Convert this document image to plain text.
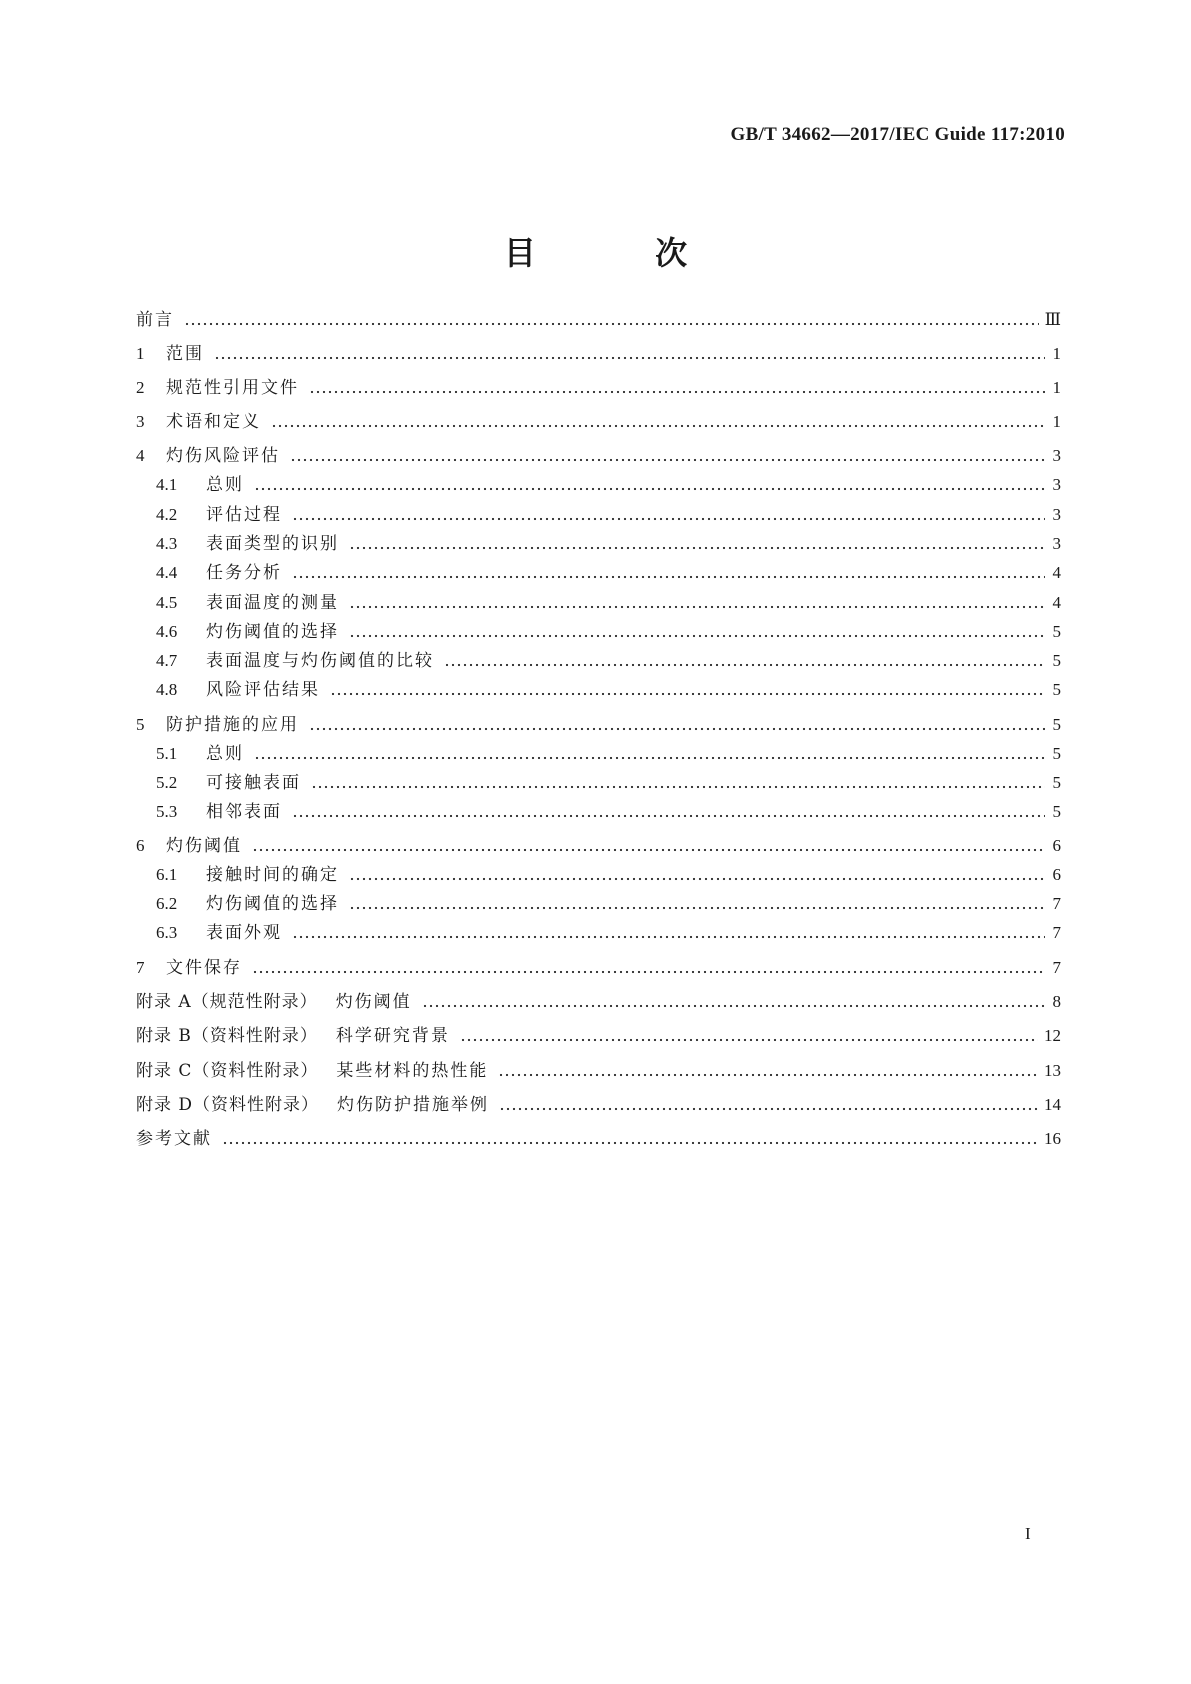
GB/T 34662—2017/IEC Guide 117:2010
目 次
前言	Ⅲ
1	范围	1
2	规范性引用文件	1
3	术语和定义	1
4	灼伤风险评估	3
4.1	总则	3
4.2	评估过程	3
4.3	表面类型的识别	3
4.4	任务分析	4
4.5	表面温度的测量	4
4.6	灼伤阈值的选择	5
4.7	表面温度与灼伤阈值的比较	5
4.8	风险评估结果	5
5	防护措施的应用	5
5.1	总则	5
5.2	可接触表面	5
5.3	相邻表面	5
6	灼伤阈值	6
6.1	接触时间的确定	6
6.2	灼伤阈值的选择	7
6.3	表面外观	7
7	文件保存	7
附录 A（规范性附录） 灼伤阈值	8
附录 B（资料性附录） 科学研究背景	12
附录 C（资料性附录） 某些材料的热性能	13
附录 D（资料性附录） 灼伤防护措施举例	14
参考文献	16
I
